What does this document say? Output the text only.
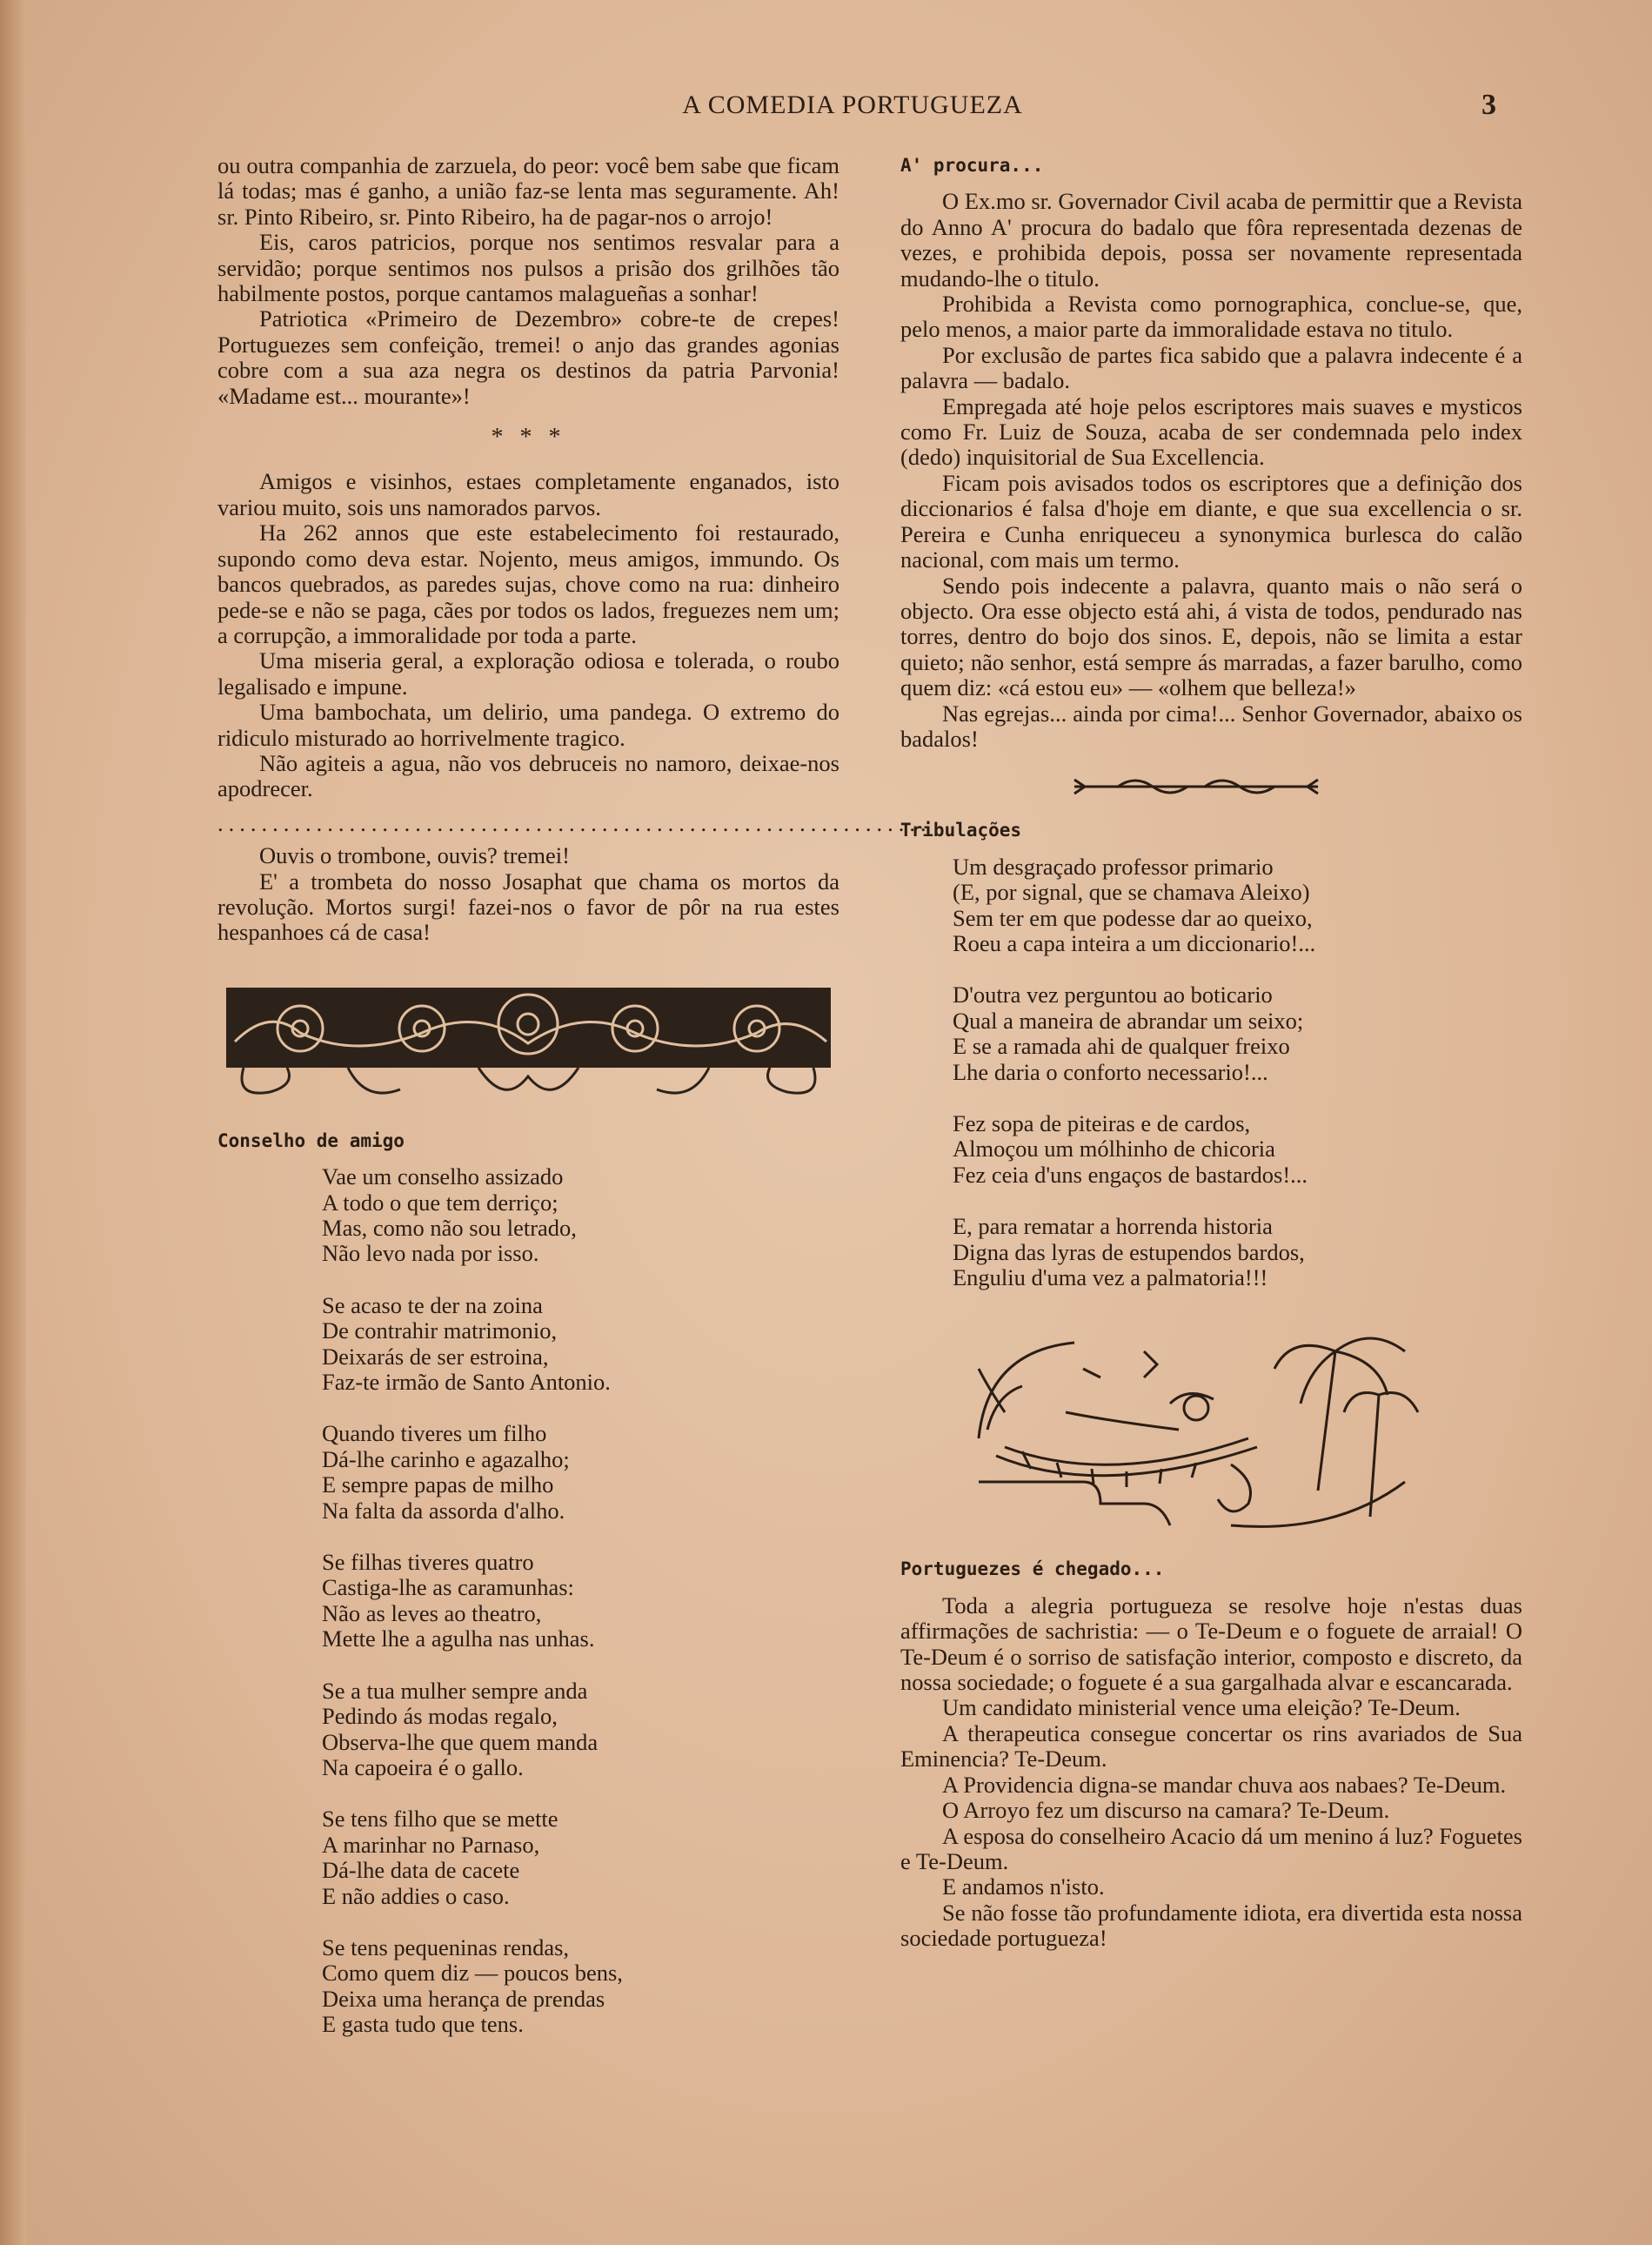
A COMEDIA PORTUGUEZA	3

ou outra companhia de zarzuela, do peor: você bem sabe que ficam lá todas; mas é ganho, a união faz-se lenta mas seguramente. Ah! sr. Pinto Ribeiro, sr. Pinto Ribeiro, ha de pagar-nos o arrojo!

Eis, caros patricios, porque nos sentimos resvalar para a servidão; porque sentimos nos pulsos a prisão dos grilhões tão habilmente postos, porque cantamos malagueñas a sonhar!

Patriotica «Primeiro de Dezembro» cobre-te de crepes! Portuguezes sem confeição, tremei! o anjo das grandes agonias cobre com a sua aza negra os destinos da patria Parvonia! «Madame est... mourante»!

* * *

Amigos e visinhos, estaes completamente enganados, isto variou muito, sois uns namorados parvos.

Ha 262 annos que este estabelecimento foi restaurado, supondo como deva estar. Nojento, meus amigos, immundo. Os bancos quebrados, as paredes sujas, chove como na rua: dinheiro pede-se e não se paga, cães por todos os lados, freguezes nem um; a corrupção, a immoralidade por toda a parte.

Uma miseria geral, a exploração odiosa e tolerada, o roubo legalisado e impune.

Uma bambochata, um delirio, uma pandega. O extremo do ridiculo misturado ao horrivelmente tragico.

Não agiteis a agua, não vos debruceis no namoro, deixae-nos apodrecer.

.................................................................

Ouvis o trombone, ouvis? tremei!

E' a trombeta do nosso Josaphat que chama os mortos da revolução. Mortos surgi! fazei-nos o favor de pôr na rua estes hespanhoes cá de casa!

Conselho de amigo
Vae um conselho assizado
A todo o que tem derriço;
Mas, como não sou letrado,
Não levo nada por isso.
Se acaso te der na zoina
De contrahir matrimonio,
Deixarás de ser estroina,
Faz-te irmão de Santo Antonio.
Quando tiveres um filho
Dá-lhe carinho e agazalho;
E sempre papas de milho
Na falta da assorda d'alho.
Se filhas tiveres quatro
Castiga-lhe as caramunhas:
Não as leves ao theatro,
Mette lhe a agulha nas unhas.
Se a tua mulher sempre anda
Pedindo ás modas regalo,
Observa-lhe que quem manda
Na capoeira é o gallo.
Se tens filho que se mette
A marinhar no Parnaso,
Dá-lhe data de cacete
E não addies o caso.
Se tens pequeninas rendas,
Como quem diz — poucos bens,
Deixa uma herança de prendas
E gasta tudo que tens.
A' procura...

O Ex.mo sr. Governador Civil acaba de permittir que a Revista do Anno A' procura do badalo que fôra representada dezenas de vezes, e prohibida depois, possa ser novamente representada mudando-lhe o titulo.

Prohibida a Revista como pornographica, conclue-se, que, pelo menos, a maior parte da immoralidade estava no titulo.

Por exclusão de partes fica sabido que a palavra indecente é a palavra — badalo.

Empregada até hoje pelos escriptores mais suaves e mysticos como Fr. Luiz de Souza, acaba de ser condemnada pelo index (dedo) inquisitorial de Sua Excellencia.

Ficam pois avisados todos os escriptores que a definição dos diccionarios é falsa d'hoje em diante, e que sua excellencia o sr. Pereira e Cunha enriqueceu a synonymica burlesca do calão nacional, com mais um termo.

Sendo pois indecente a palavra, quanto mais o não será o objecto. Ora esse objecto está ahi, á vista de todos, pendurado nas torres, dentro do bojo dos sinos. E, depois, não se limita a estar quieto; não senhor, está sempre ás marradas, a fazer barulho, como quem diz: «cá estou eu» — «olhem que belleza!»

Nas egrejas... ainda por cima!... Senhor Governador, abaixo os badalos!

Tribulações
Um desgraçado professor primario
(E, por signal, que se chamava Aleixo)
Sem ter em que podesse dar ao queixo,
Roeu a capa inteira a um diccionario!...
D'outra vez perguntou ao boticario
Qual a maneira de abrandar um seixo;
E se a ramada ahi de qualquer freixo
Lhe daria o conforto necessario!...
Fez sopa de piteiras e de cardos,
Almoçou um mólhinho de chicoria
Fez ceia d'uns engaços de bastardos!...
E, para rematar a horrenda historia
Digna das lyras de estupendos bardos,
Enguliu d'uma vez a palmatoria!!!
Portuguezes é chegado...

Toda a alegria portugueza se resolve hoje n'estas duas affirmações de sachristia: — o Te-Deum e o foguete de arraial! O Te-Deum é o sorriso de satisfação interior, composto e discreto, da nossa sociedade; o foguete é a sua gargalhada alvar e escancarada.

Um candidato ministerial vence uma eleição? Te-Deum.

A therapeutica consegue concertar os rins avariados de Sua Eminencia? Te-Deum.

A Providencia digna-se mandar chuva aos nabaes? Te-Deum.

O Arroyo fez um discurso na camara? Te-Deum.

A esposa do conselheiro Acacio dá um menino á luz? Foguetes e Te-Deum.

E andamos n'isto.

Se não fosse tão profundamente idiota, era divertida esta nossa sociedade portugueza!
